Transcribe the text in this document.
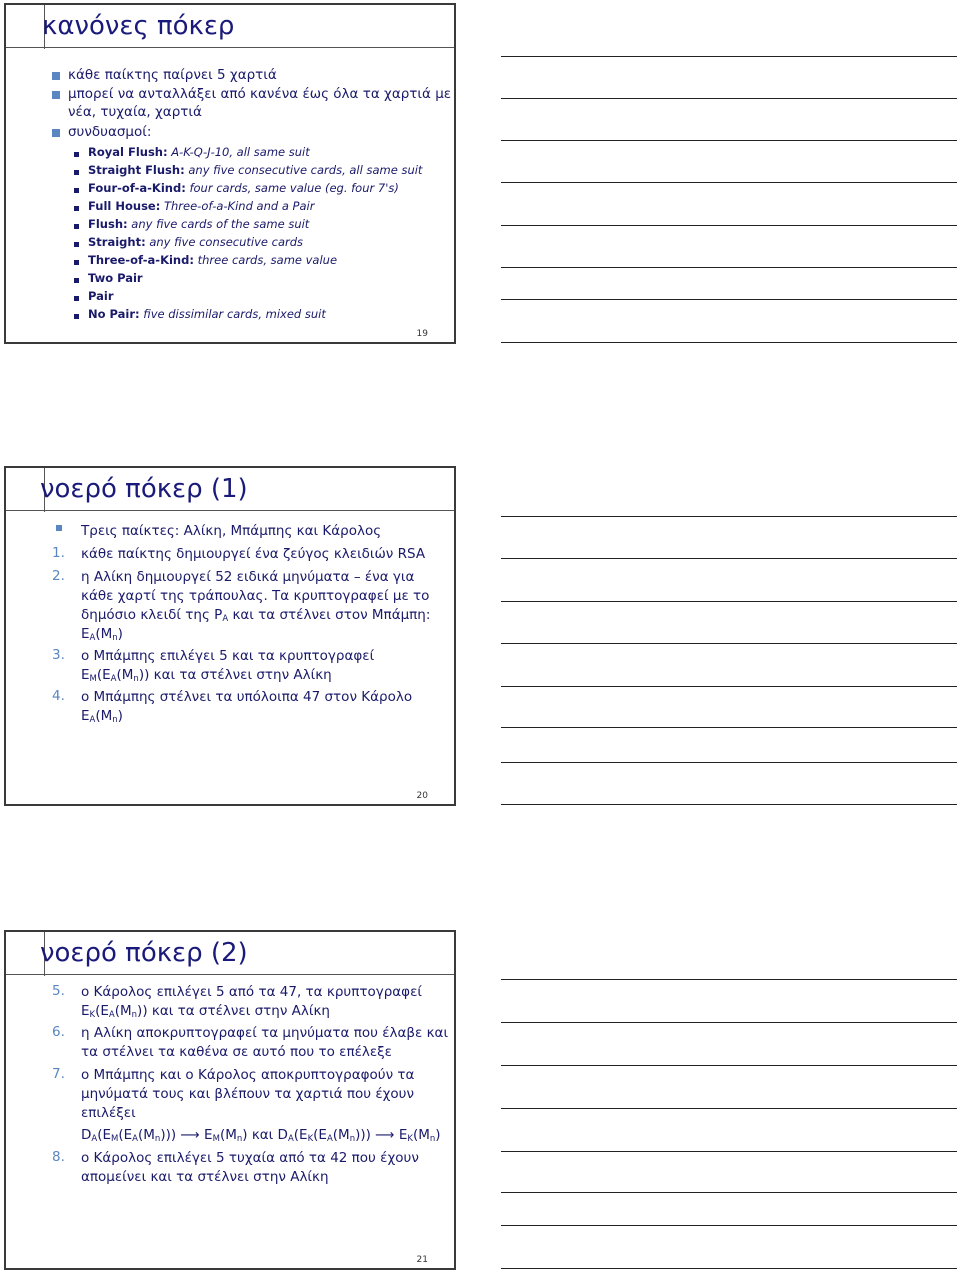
κανόνες πόκερ
κάθε παίκτης παίρνει 5 χαρτιά
μπορεί να ανταλλάξει από κανένα έως όλα τα χαρτιά με
νέα, τυχαία, χαρτιά
συνδυασμοί:
Royal Flush: A-K-Q-J-10, all same suit
Straight Flush: any five consecutive cards, all same suit
Four-of-a-Kind: four cards, same value (eg. four 7's)
Full House: Three-of-a-Kind and a Pair
Flush: any five cards of the same suit
Straight: any five consecutive cards
Three-of-a-Kind: three cards, same value
Two Pair
Pair
No Pair: five dissimilar cards, mixed suit
19
νοερό πόκερ (1)
Τρεις παίκτες: Αλίκη, Μπάμπης και Κάρολος
1. κάθε παίκτης δημιουργεί ένα ζεύγος κλειδιών RSA
2. η Αλίκη δημιουργεί 52 ειδικά μηνύματα – ένα για
κάθε χαρτί της τράπουλας. Τα κρυπτογραφεί με το
δημόσιο κλειδί της $P_A$ και τα στέλνει στον Μπάμπη:
$E_A(M_n)$
3. ο Μπάμπης επιλέγει 5 και τα κρυπτογραφεί
$E_M(E_A(M_n))$ και τα στέλνει στην Αλίκη
4. ο Μπάμπης στέλνει τα υπόλοιπα 47 στον Κάρολο
$E_A(M_n)$
20
νοερό πόκερ (2)
5. ο Κάρολος επιλέγει 5 από τα 47, τα κρυπτογραφεί
$E_K(E_A(M_n))$ και τα στέλνει στην Αλίκη
6. η Αλίκη αποκρυπτογραφεί τα μηνύματα που έλαβε και
τα στέλνει τα καθένα σε αυτό που το επέλεξε
7. ο Μπάμπης και ο Κάρολος αποκρυπτογραφούν τα
μηνύματά τους και βλέπουν τα χαρτιά που έχουν
επιλέξει
$D_A(E_M(E_A(M_n)))$ ⟶ $E_M(M_n)$ και $D_A(E_K(E_A(M_n)))$ ⟶ $E_K(M_n)$
8. ο Κάρολος επιλέγει 5 τυχαία από τα 42 που έχουν
απομείνει και τα στέλνει στην Αλίκη
21
